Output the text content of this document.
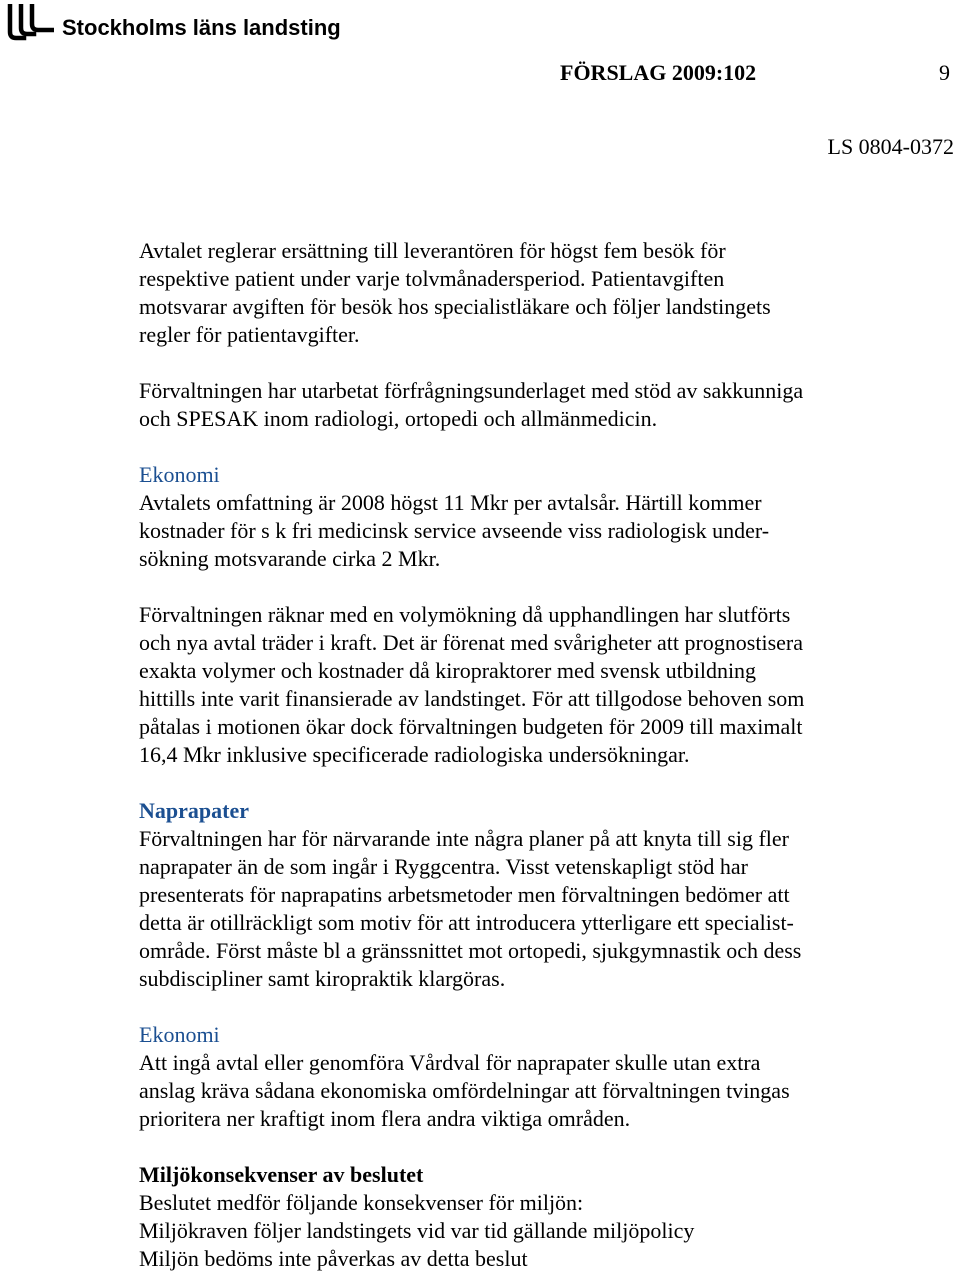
Stockholms läns landsting
FÖRSLAG 2009:102	9
LS 0804-0372

Avtalet reglerar ersättning till leverantören för högst fem besök för
respektive patient under varje tolvmånadersperiod. Patientavgiften
motsvarar avgiften för besök hos specialistläkare och följer landstingets
regler för patientavgifter.

Förvaltningen har utarbetat förfrågningsunderlaget med stöd av sakkunniga
och SPESAK inom radiologi, ortopedi och allmänmedicin.

Ekonomi

Avtalets omfattning är 2008 högst 11 Mkr per avtalsår. Härtill kommer
kostnader för s k fri medicinsk service avseende viss radiologisk under-
sökning motsvarande cirka 2 Mkr.

Förvaltningen räknar med en volymökning då upphandlingen har slutförts
och nya avtal träder i kraft. Det är förenat med svårigheter att prognostisera
exakta volymer och kostnader då kiropraktorer med svensk utbildning
hittills inte varit finansierade av landstinget. För att tillgodose behoven som
påtalas i motionen ökar dock förvaltningen budgeten för 2009 till maximalt
16,4 Mkr inklusive specificerade radiologiska undersökningar.

Naprapater

Förvaltningen har för närvarande inte några planer på att knyta till sig fler
naprapater än de som ingår i Ryggcentra. Visst vetenskapligt stöd har
presenterats för naprapatins arbetsmetoder men förvaltningen bedömer att
detta är otillräckligt som motiv för att introducera ytterligare ett specialist-
område. Först måste bl a gränssnittet mot ortopedi, sjukgymnastik och dess
subdiscipliner samt kiropraktik klargöras.

Ekonomi

Att ingå avtal eller genomföra Vårdval för naprapater skulle utan extra
anslag kräva sådana ekonomiska omfördelningar att förvaltningen tvingas
prioritera ner kraftigt inom flera andra viktiga områden.

Miljökonsekvenser av beslutet

Beslutet medför följande konsekvenser för miljön:
Miljökraven följer landstingets vid var tid gällande miljöpolicy
Miljön bedöms inte påverkas av detta beslut
